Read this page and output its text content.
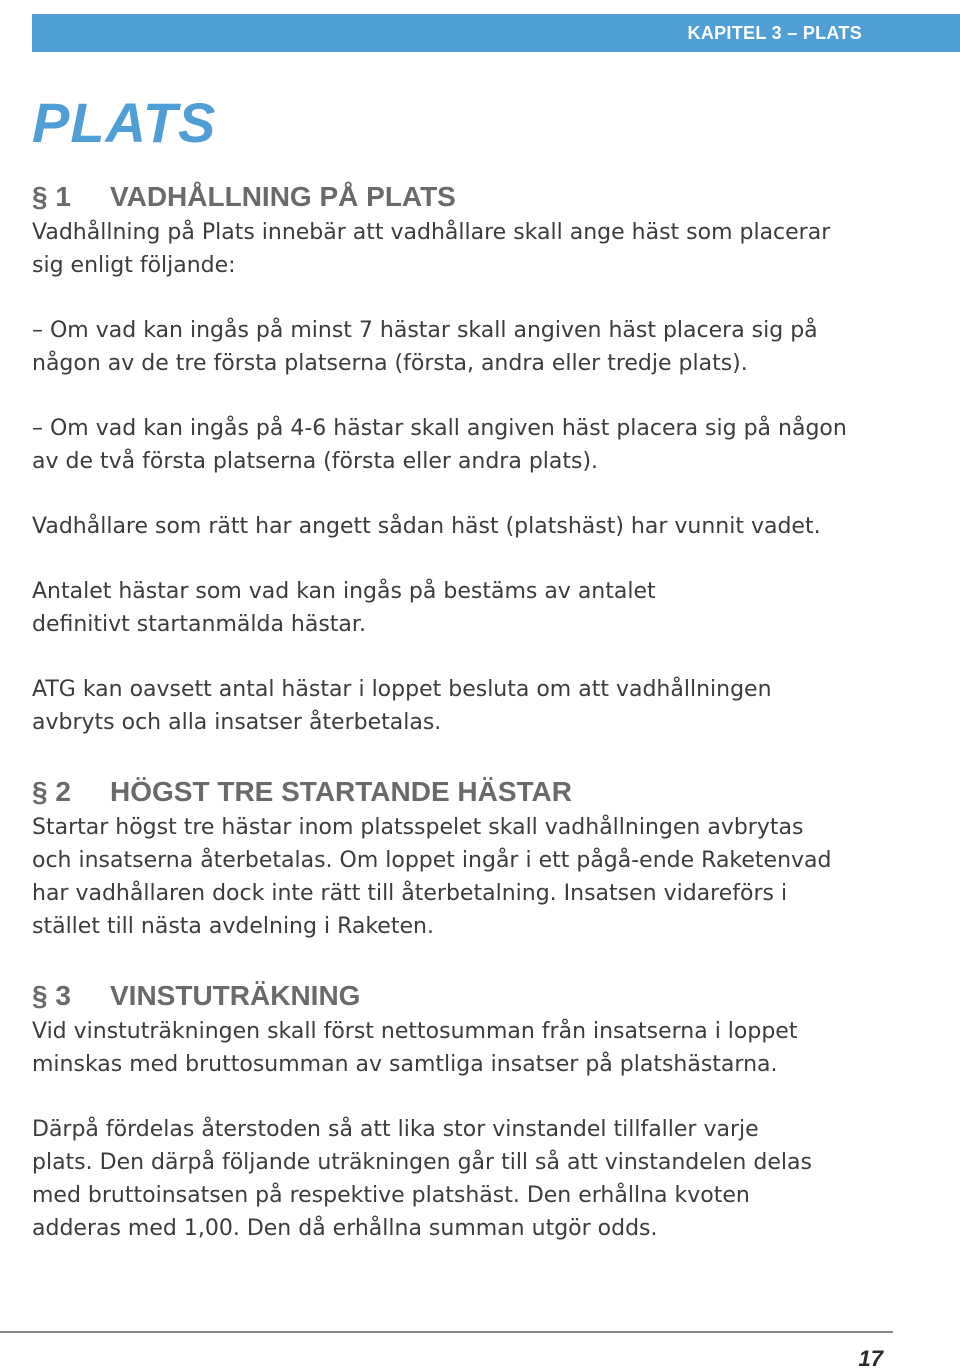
KAPITEL 3 – PLATS
PLATS
§ 1 VADHÅLLNING PÅ PLATS

Vadhållning på Plats innebär att vadhållare skall ange häst som placerar sig enligt följande:

– Om vad kan ingås på minst 7 hästar skall angiven häst placera sig på någon av de tre första platserna (första, andra eller tredje plats).

– Om vad kan ingås på 4-6 hästar skall angiven häst placera sig på någon av de två första platserna (första eller andra plats).

Vadhållare som rätt har angett sådan häst (platshäst) har vunnit vadet.

Antalet hästar som vad kan ingås på bestäms av antalet definitivt startanmälda hästar.

ATG kan oavsett antal hästar i loppet besluta om att vadhållningen avbryts och alla insatser återbetalas.

§ 2 HÖGST TRE STARTANDE HÄSTAR

Startar högst tre hästar inom platsspelet skall vadhållningen avbrytas och insatserna återbetalas. Om loppet ingår i ett pågå-ende Raketenvad har vadhållaren dock inte rätt till återbetalning. Insatsen vidareförs i stället till nästa avdelning i Raketen.

§ 3 VINSTUTRÄKNING

Vid vinstuträkningen skall först nettosumman från insatserna i loppet minskas med bruttosumman av samtliga insatser på platshästarna.

Därpå fördelas återstoden så att lika stor vinstandel tillfaller varje plats. Den därpå följande uträkningen går till så att vinstandelen delas med bruttoinsatsen på respektive platshäst. Den erhållna kvoten adderas med 1,00. Den då erhållna summan utgör odds.

17
